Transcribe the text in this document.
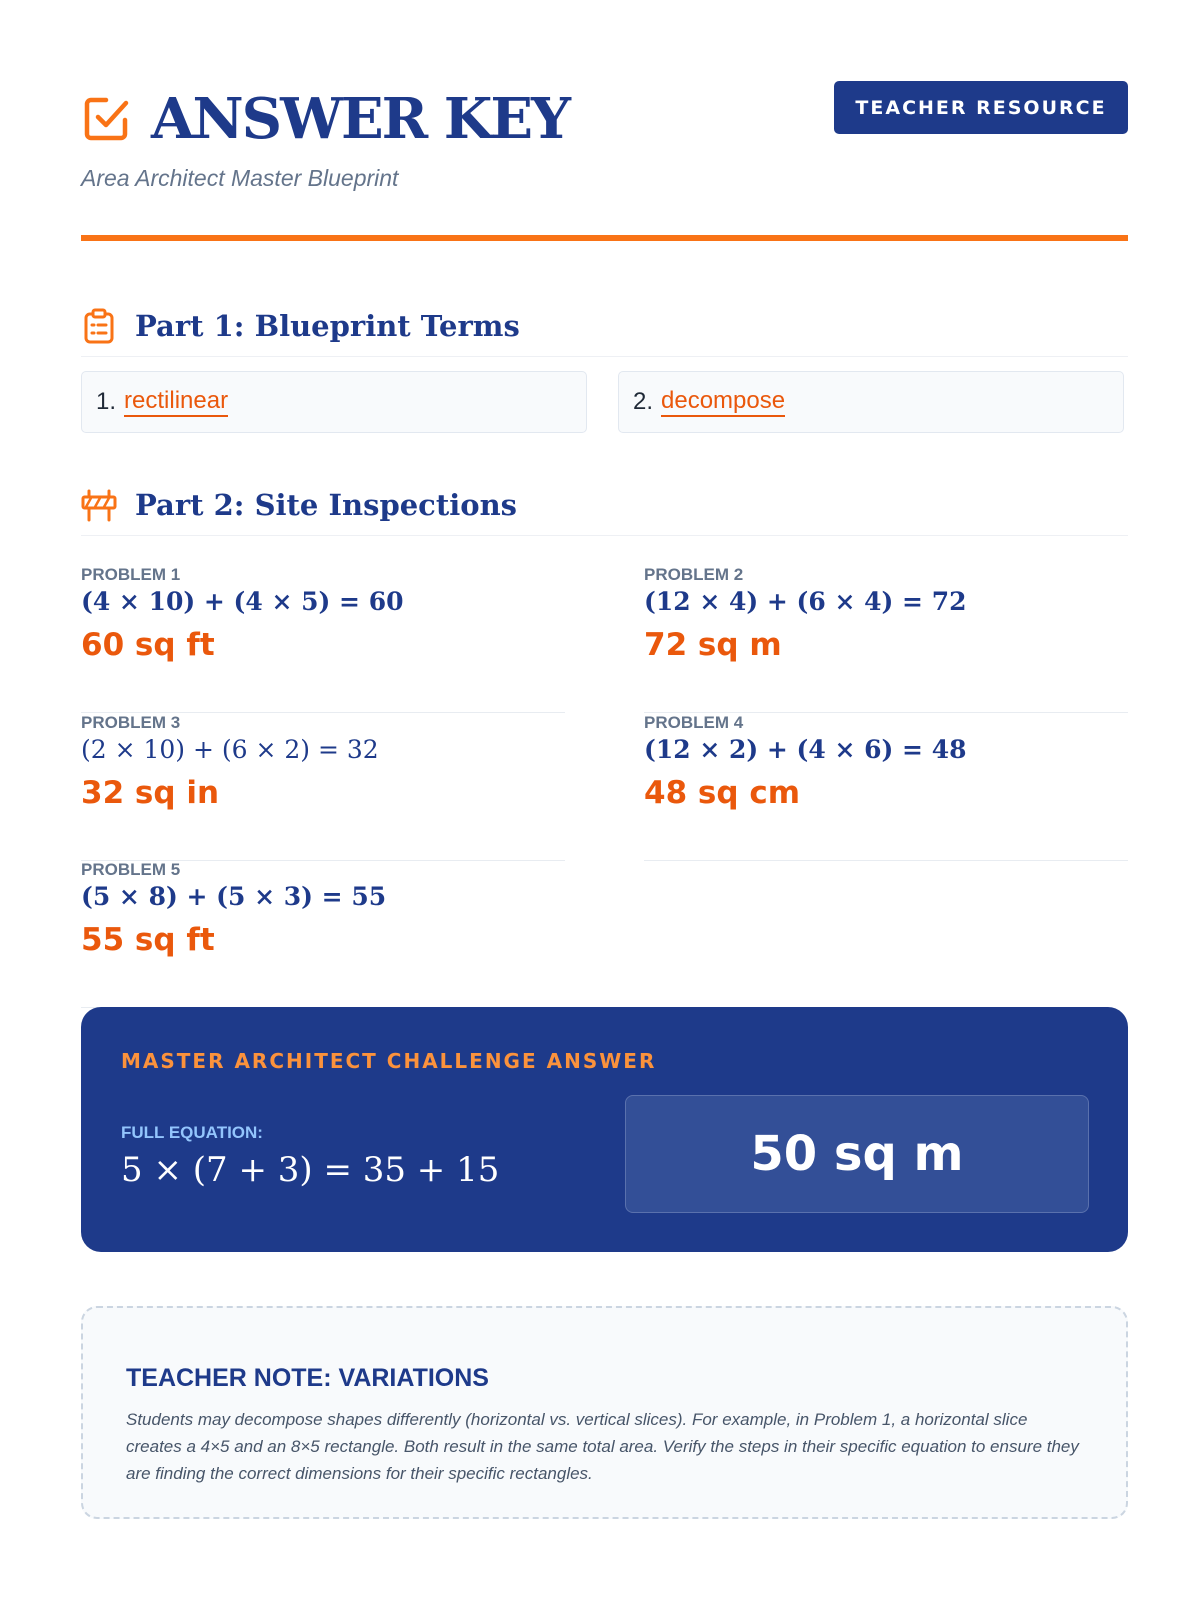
ANSWER KEY
Area Architect Master Blueprint
TEACHER RESOURCE
Part 1: Blueprint Terms
1. rectilinear	2. decompose
Part 2: Site Inspections
PROBLEM 1
(4 × 10) + (4 × 5) = 60
60 sq ft
PROBLEM 2
(12 × 4) + (6 × 4) = 72
72 sq m
PROBLEM 3
(2 × 10) + (6 × 2) = 32
32 sq in
PROBLEM 4
(12 × 2) + (4 × 6) = 48
48 sq cm
PROBLEM 5
(5 × 8) + (5 × 3) = 55
55 sq ft
MASTER ARCHITECT CHALLENGE ANSWER
FULL EQUATION:
5 × (7 + 3) = 35 + 15	50 sq m
TEACHER NOTE: VARIATIONS
Students may decompose shapes differently (horizontal vs. vertical slices). For example, in Problem 1, a horizontal slice creates a 4×5 and an 8×5 rectangle. Both result in the same total area. Verify the steps in their specific equation to ensure they are finding the correct dimensions for their specific rectangles.
